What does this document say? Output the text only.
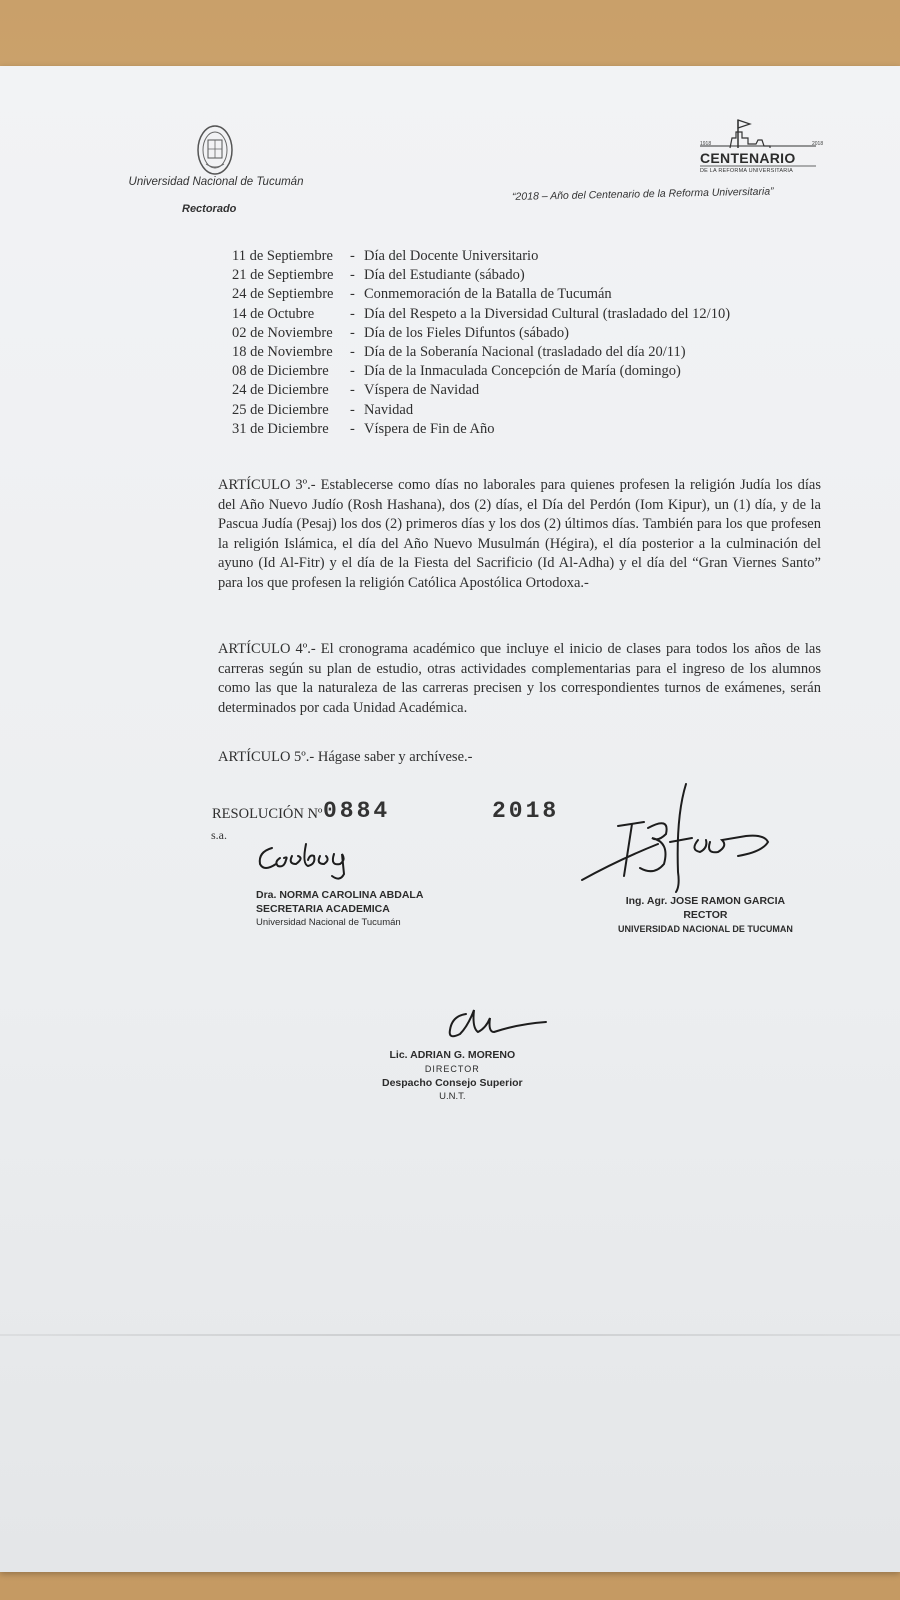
Universidad Nacional de Tucumán
Rectorado
1918	2018
CENTENARIO
DE LA REFORMA UNIVERSITARIA
“2018 – Año del Centenario de la Reforma Universitaria”
11 de Septiembre - Día del Docente Universitario
21 de Septiembre - Día del Estudiante (sábado)
24 de Septiembre - Conmemoración de la Batalla de Tucumán
14 de Octubre - Día del Respeto a la Diversidad Cultural (trasladado del 12/10)
02 de Noviembre - Día de los Fieles Difuntos (sábado)
18 de Noviembre - Día de la Soberanía Nacional (trasladado del día 20/11)
08 de Diciembre - Día de la Inmaculada Concepción de María (domingo)
24 de Diciembre - Víspera de Navidad
25 de Diciembre - Navidad
31 de Diciembre - Víspera de Fin de Año
ARTÍCULO 3º.- Establecerse como días no laborales para quienes profesen la religión Judía los días del Año Nuevo Judío (Rosh Hashana), dos (2) días, el Día del Perdón (Iom Kipur), un (1) día, y de la Pascua Judía (Pesaj) los dos (2) primeros días y los dos (2) últimos días. También para los que profesen la religión Islámica, el día del Año Nuevo Musulmán (Hégira), el día posterior a la culminación del ayuno (Id Al-Fitr) y el día de la Fiesta del Sacrificio (Id Al-Adha) y el día del “Gran Viernes Santo” para los que profesen la religión Católica Apostólica Ortodoxa.-
ARTÍCULO 4º.- El cronograma académico que incluye el inicio de clases para todos los años de las carreras según su plan de estudio, otras actividades complementarias para el ingreso de los alumnos como las que la naturaleza de las carreras precisen y los correspondientes turnos de exámenes, serán determinados por cada Unidad Académica.
ARTÍCULO 5º.- Hágase saber y archívese.-
RESOLUCIÓN Nº 0884	2018
s.a.
Dra. NORMA CAROLINA ABDALA
SECRETARIA ACADEMICA
Universidad Nacional de Tucumán
Ing. Agr. JOSE RAMON GARCIA
RECTOR
UNIVERSIDAD NACIONAL DE TUCUMAN
Lic. ADRIAN G. MORENO
DIRECTOR
Despacho Consejo Superior
U.N.T.
